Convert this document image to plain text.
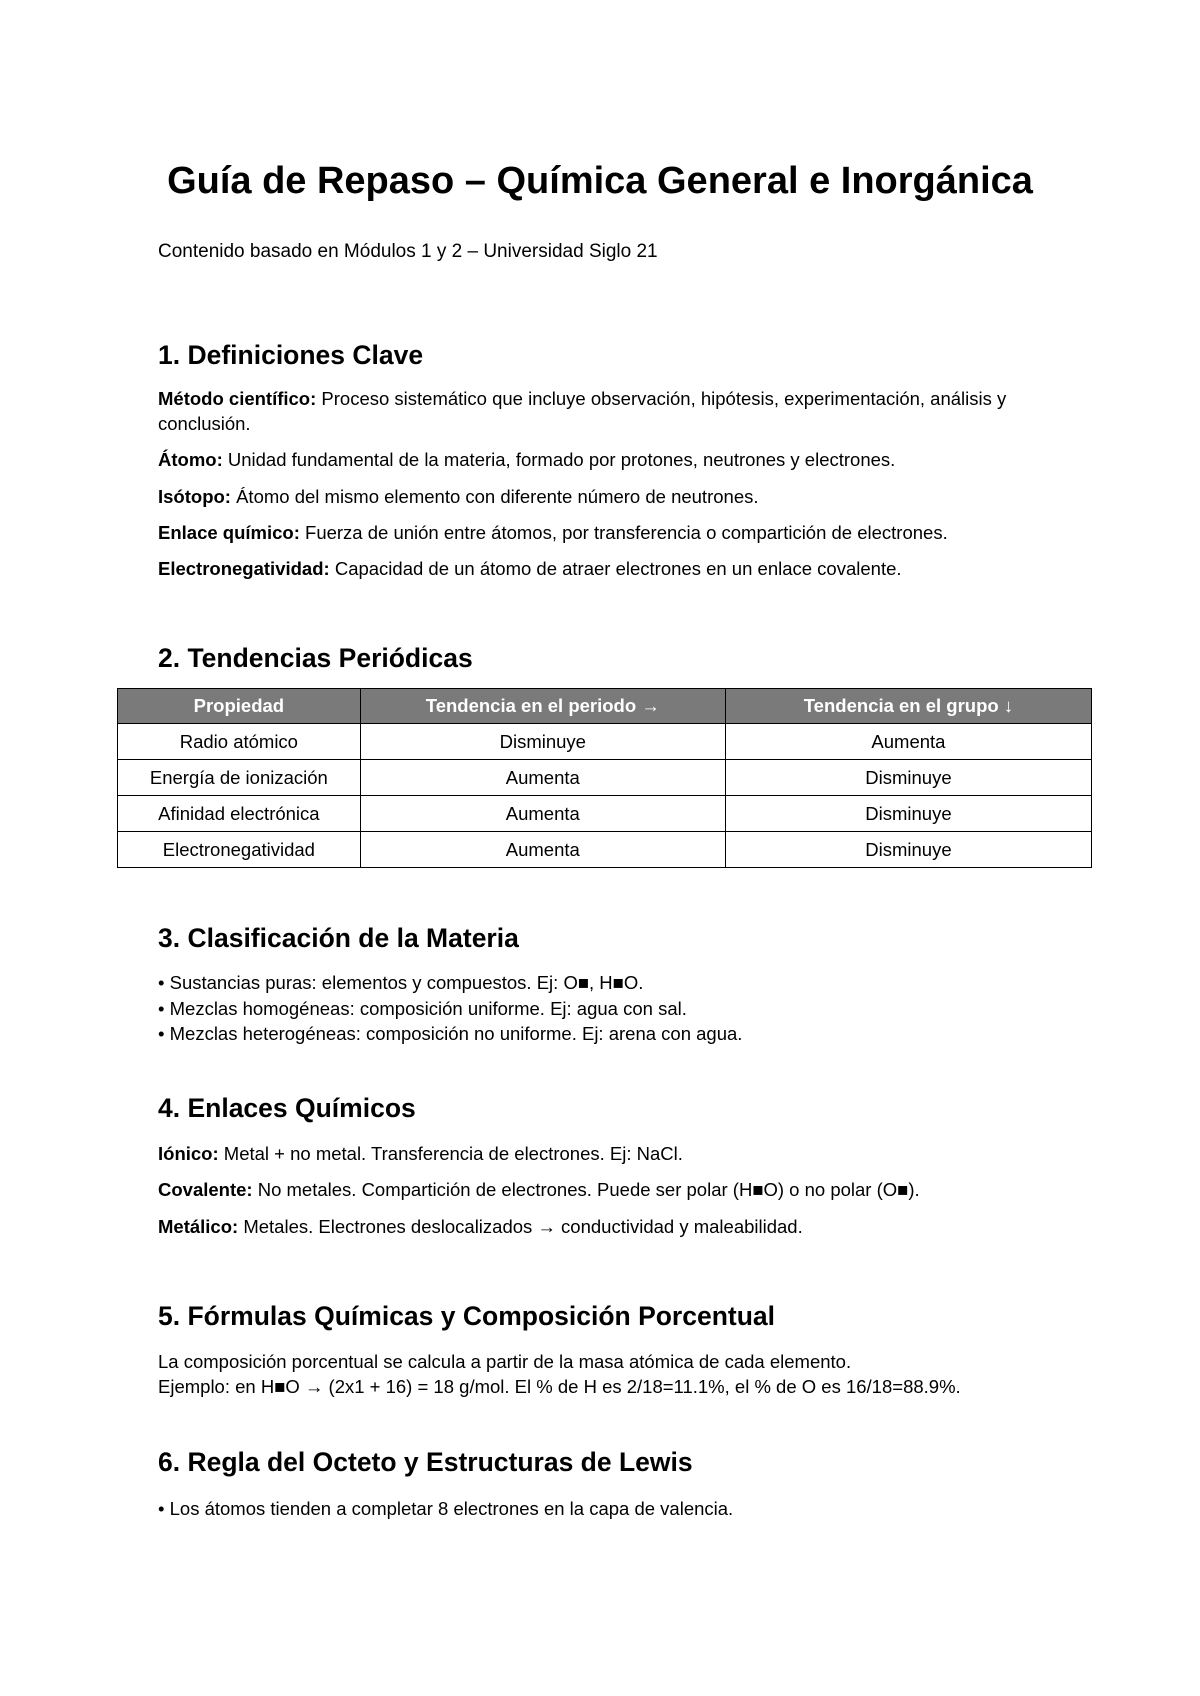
Guía de Repaso – Química General e Inorgánica

Contenido basado en Módulos 1 y 2 – Universidad Siglo 21

1. Definiciones Clave

Método científico: Proceso sistemático que incluye observación, hipótesis, experimentación, análisis y conclusión.

Átomo: Unidad fundamental de la materia, formado por protones, neutrones y electrones.

Isótopo: Átomo del mismo elemento con diferente número de neutrones.

Enlace químico: Fuerza de unión entre átomos, por transferencia o compartición de electrones.

Electronegatividad: Capacidad de un átomo de atraer electrones en un enlace covalente.

2. Tendencias Periódicas
Propiedad	Tendencia en el periodo →	Tendencia en el grupo ↓
Radio atómico	Disminuye	Aumenta
Energía de ionización	Aumenta	Disminuye
Afinidad electrónica	Aumenta	Disminuye
Electronegatividad	Aumenta	Disminuye
3. Clasificación de la Materia

• Sustancias puras: elementos y compuestos. Ej: O■, H■O.

• Mezclas homogéneas: composición uniforme. Ej: agua con sal.

• Mezclas heterogéneas: composición no uniforme. Ej: arena con agua.

4. Enlaces Químicos

Iónico: Metal + no metal. Transferencia de electrones. Ej: NaCl.

Covalente: No metales. Compartición de electrones. Puede ser polar (H■O) o no polar (O■).

Metálico: Metales. Electrones deslocalizados → conductividad y maleabilidad.

5. Fórmulas Químicas y Composición Porcentual

La composición porcentual se calcula a partir de la masa atómica de cada elemento.

Ejemplo: en H■O → (2x1 + 16) = 18 g/mol. El % de H es 2/18=11.1%, el % de O es 16/18=88.9%.

6. Regla del Octeto y Estructuras de Lewis

• Los átomos tienden a completar 8 electrones en la capa de valencia.
